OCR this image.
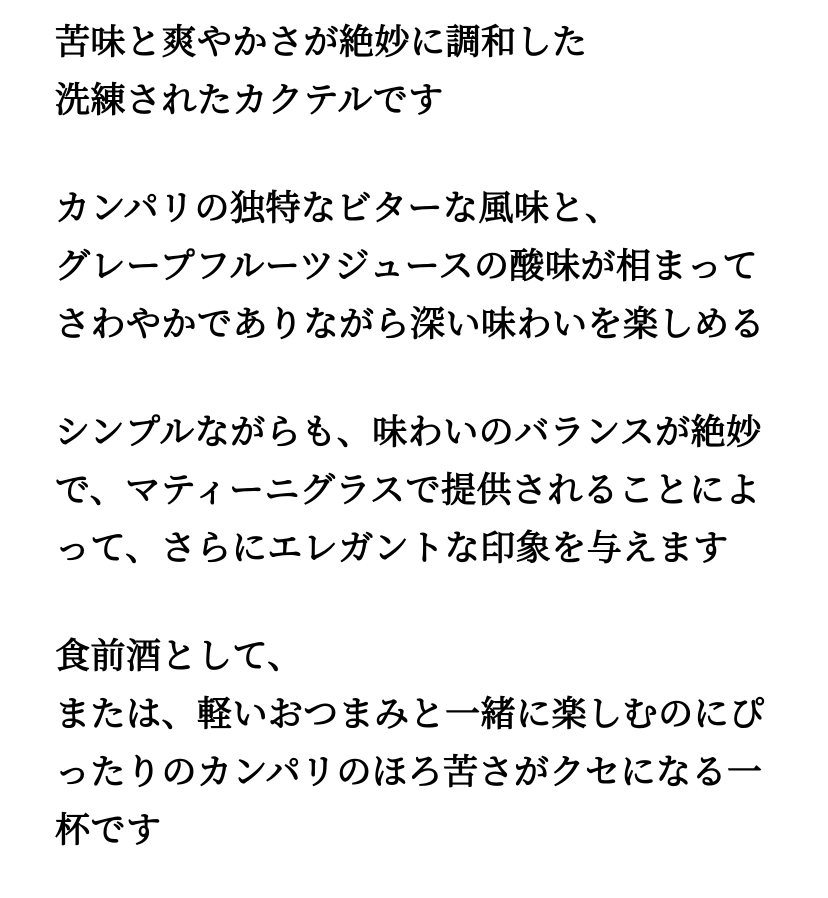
苦味と爽やかさが絶妙に調和した
洗練されたカクテルです

カンパリの独特なビターな風味と、
グレープフルーツジュースの酸味が相まって
さわやかでありながら深い味わいを楽しめる

シンプルながらも、味わいのバランスが絶妙
で、マティーニグラスで提供されることによ
って、さらにエレガントな印象を与えます

食前酒として、
または、軽いおつまみと一緒に楽しむのにぴ
ったりのカンパリのほろ苦さがクセになる一
杯です
